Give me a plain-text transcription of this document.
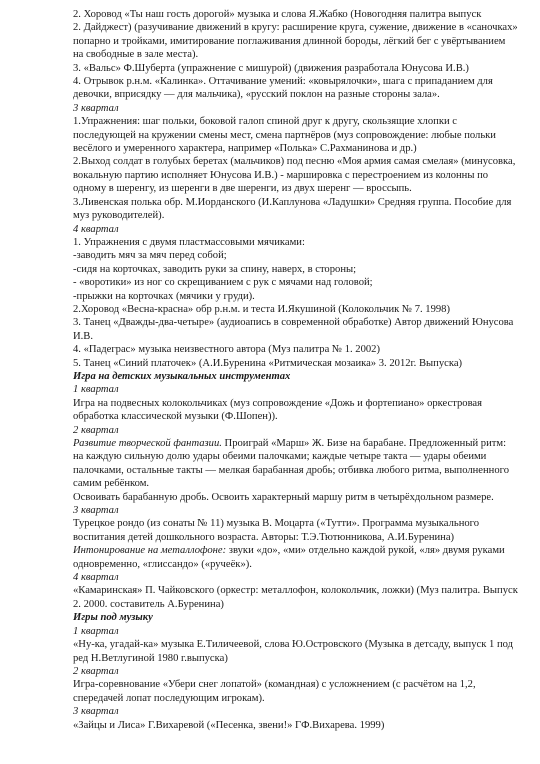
2. Хоровод «Ты наш гость дорогой» музыка и слова Я.Жабко (Новогодняя палитра выпуск

2. Дайджест) (разучивание движений в кругу: расширение круга, сужение, движение в «саночках» попарно и тройками, имитирование поглаживания длинной бороды, лёгкий бег с увёртыванием на свободные в зале места).

3. «Вальс» Ф.Шуберта (упражнение с мишурой) (движения разработала Юнусова И.В.)

4. Отрывок р.н.м. «Калинка». Оттачивание умений: «ковырялочки», шага с припаданием для девочки, вприсядку — для мальчика), «русский поклон на разные стороны зала».

3 квартал

1.Упражнения: шаг польки, боковой галоп спиной друг к другу, скользящие хлопки с последующей на кружении смены мест, смена партнёров (муз сопровождение: любые польки весёлого и умеренного характера, например «Полька» С.Рахманинова и др.)

2.Выход солдат в голубых беретах (мальчиков) под песню «Моя армия самая смелая» (минусовка, вокальную партию исполняет Юнусова И.В.) - маршировка с перестроением из колонны по одному в шеренгу, из шеренги в две шеренги, из двух шеренг — вроссыпь.

3.Ливенская полька обр. М.Иорданского (И.Каплунова «Ладушки» Средняя группа. Пособие для муз руководителей).

4 квартал

1. Упражнения с двумя пластмассовыми мячиками:

-заводить мяч за мяч перед собой;

-сидя на корточках, заводить руки за спину, наверх, в стороны;

- «воротики» из ног со скрещиванием с рук с мячами над головой;

-прыжки на корточках (мячики у груди).

2.Хоровод «Весна-красна» обр р.н.м. и теста И.Якушиной (Колокольчик № 7. 1998)

3. Танец «Дважды-два-четыре» (аудиоапись в современной обработке) Автор движений Юнусова И.В.

4. «Падеграс» музыка неизвестного автора (Муз палитра № 1. 2002)

5. Танец «Синий платочек» (А.И.Буренина «Ритмическая мозаика» 3. 2012г. Выпуска)

Игра на детских музыкальных инструментах

1 квартал

Игра на подвесных колокольчиках (муз сопровождение «Дожь и фортепиано» оркестровая обработка классической музыки (Ф.Шопен)).

2 квартал

Развитие творческой фантазии. Проиграй «Марш» Ж. Бизе на барабане. Предложенный ритм: на каждую сильную долю удары обеими палочками; каждые четыре такта — удары обеими палочками, остальные такты — мелкая барабанная дробь; отбивка любого ритма, выполненного самим ребёнком.

Освоивать барабанную дробь. Освоить характерный маршу ритм в четырёхдольном размере.

3 квартал

Турецкое рондо (из сонаты № 11) музыка В. Моцарта («Тутти». Программа музыкального воспитания детей дошкольного возраста. Авторы: Т.Э.Тютюнникова, А.И.Буренина)

Интонирование на металлофоне: звуки «до», «ми» отдельно каждой рукой, «ля» двумя руками одновременно, «глиссандо» («ручеёк»).

4 квартал

«Камаринская» П. Чайковского (оркестр: металлофон, колокольчик, ложки) (Муз палитра. Выпуск 2. 2000. составитель А.Буренина)

Игры под музыку

1 квартал

«Ну-ка, угадай-ка» музыка Е.Тиличеевой, слова Ю.Островского (Музыка в детсаду, выпуск 1 под ред Н.Ветлугиной 1980 г.выпуска)

2 квартал

Игра-соревнование «Убери снег лопатой» (командная) с усложнением (с расчётом на 1,2, спередачей лопат последующим игрокам).

3 квартал

«Зайцы и Лиса» Г.Вихаревой («Песенка, звени!» ГФ.Вихарева. 1999)
